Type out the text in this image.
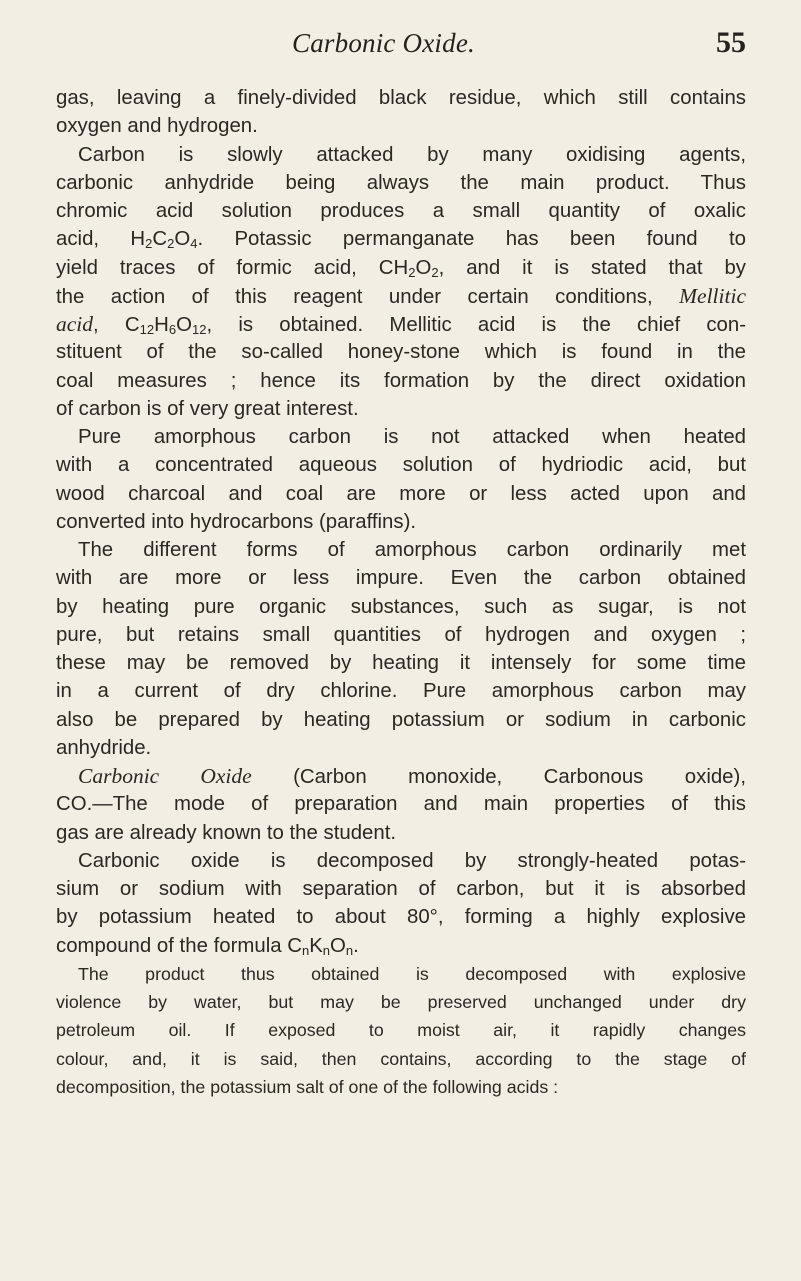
Carbonic Oxide.	55
gas, leaving a finely-divided black residue, which still contains
oxygen and hydrogen.
Carbon is slowly attacked by many oxidising agents,
carbonic anhydride being always the main product. Thus
chromic acid solution produces a small quantity of oxalic
acid, $H_2C_2O_4$. Potassic permanganate has been found to
yield traces of formic acid, $CH_2O_2$, and it is stated that by
the action of this reagent under certain conditions, Mellitic
acid, $C_{12}H_6O_{12}$, is obtained. Mellitic acid is the chief con-
stituent of the so-called honey-stone which is found in the
coal measures ; hence its formation by the direct oxidation
of carbon is of very great interest.
Pure amorphous carbon is not attacked when heated
with a concentrated aqueous solution of hydriodic acid, but
wood charcoal and coal are more or less acted upon and
converted into hydrocarbons (paraffins).
The different forms of amorphous carbon ordinarily met
with are more or less impure. Even the carbon obtained
by heating pure organic substances, such as sugar, is not
pure, but retains small quantities of hydrogen and oxygen ;
these may be removed by heating it intensely for some time
in a current of dry chlorine. Pure amorphous carbon may
also be prepared by heating potassium or sodium in carbonic
anhydride.
Carbonic Oxide (Carbon monoxide, Carbonous oxide),
CO.—The mode of preparation and main properties of this
gas are already known to the student.
Carbonic oxide is decomposed by strongly-heated potas-
sium or sodium with separation of carbon, but it is absorbed
by potassium heated to about 80°, forming a highly explosive
compound of the formula $C_nK_nO_n$.
The product thus obtained is decomposed with explosive
violence by water, but may be preserved unchanged under dry
petroleum oil. If exposed to moist air, it rapidly changes
colour, and, it is said, then contains, according to the stage of
decomposition, the potassium salt of one of the following acids :
